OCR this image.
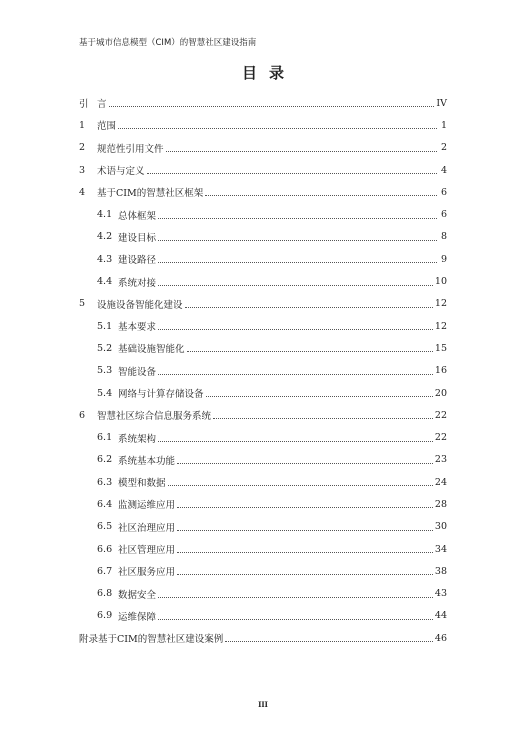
基于城市信息模型（CIM）的智慧社区建设指南
目录
引 言	IV
1	范围	1
2	规范性引用文件	2
3	术语与定义	4
4	基于CIM的智慧社区框架	6
4.1 总体框架	6
4.2 建设目标	8
4.3 建设路径	9
4.4 系统对接	10
5	设施设备智能化建设	12
5.1 基本要求	12
5.2 基础设施智能化	15
5.3 智能设备	16
5.4 网络与计算存储设备	20
6	智慧社区综合信息服务系统	22
6.1 系统架构	22
6.2 系统基本功能	23
6.3 模型和数据	24
6.4 监测运维应用	28
6.5 社区治理应用	30
6.6 社区管理应用	34
6.7 社区服务应用	38
6.8 数据安全	43
6.9 运维保障	44
附录 基于CIM的智慧社区建设案例	46
III
